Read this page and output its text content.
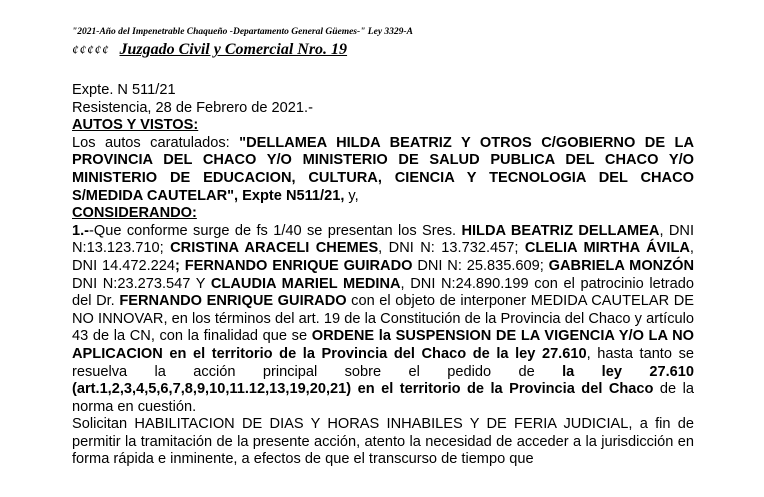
"2021-Año del Impenetrable Chaqueño -Departamento General Güemes-" Ley 3329-A
¢¢¢¢¢ Juzgado Civil y Comercial Nro. 19

Expte. N 511/21

Resistencia, 28 de Febrero de 2021.-

AUTOS Y VISTOS:

Los autos caratulados: "DELLAMEA HILDA BEATRIZ Y OTROS C/GOBIERNO DE LA PROVINCIA DEL CHACO Y/O MINISTERIO DE SALUD PUBLICA DEL CHACO Y/O MINISTERIO DE EDUCACION, CULTURA, CIENCIA Y TECNOLOGIA DEL CHACO S/MEDIDA CAUTELAR", Expte N511/21, y,

CONSIDERANDO:

1.--Que conforme surge de fs 1/40 se presentan los Sres. HILDA BEATRIZ DELLAMEA, DNI N:13.123.710; CRISTINA ARACELI CHEMES, DNI N: 13.732.457; CLELIA MIRTHA ÁVILA, DNI 14.472.224; FERNANDO ENRIQUE GUIRADO DNI N: 25.835.609; GABRIELA MONZÓN DNI N:23.273.547 Y CLAUDIA MARIEL MEDINA, DNI N:24.890.199 con el patrocinio letrado del Dr. FERNANDO ENRIQUE GUIRADO con el objeto de interponer MEDIDA CAUTELAR DE NO INNOVAR, en los términos del art. 19 de la Constitución de la Provincia del Chaco y artículo 43 de la CN, con la finalidad que se ORDENE la SUSPENSION DE LA VIGENCIA Y/O LA NO APLICACION en el territorio de la Provincia del Chaco de la ley 27.610, hasta tanto se resuelva la acción principal sobre el pedido de la ley 27.610 (art.1,2,3,4,5,6,7,8,9,10,11.12,13,19,20,21) en el territorio de la Provincia del Chaco de la norma en cuestión.

Solicitan HABILITACION DE DIAS Y HORAS INHABILES Y DE FERIA JUDICIAL, a fin de permitir la tramitación de la presente acción, atento la necesidad de acceder a la jurisdicción en forma rápida e inminente, a efectos de que el transcurso de tiempo que
